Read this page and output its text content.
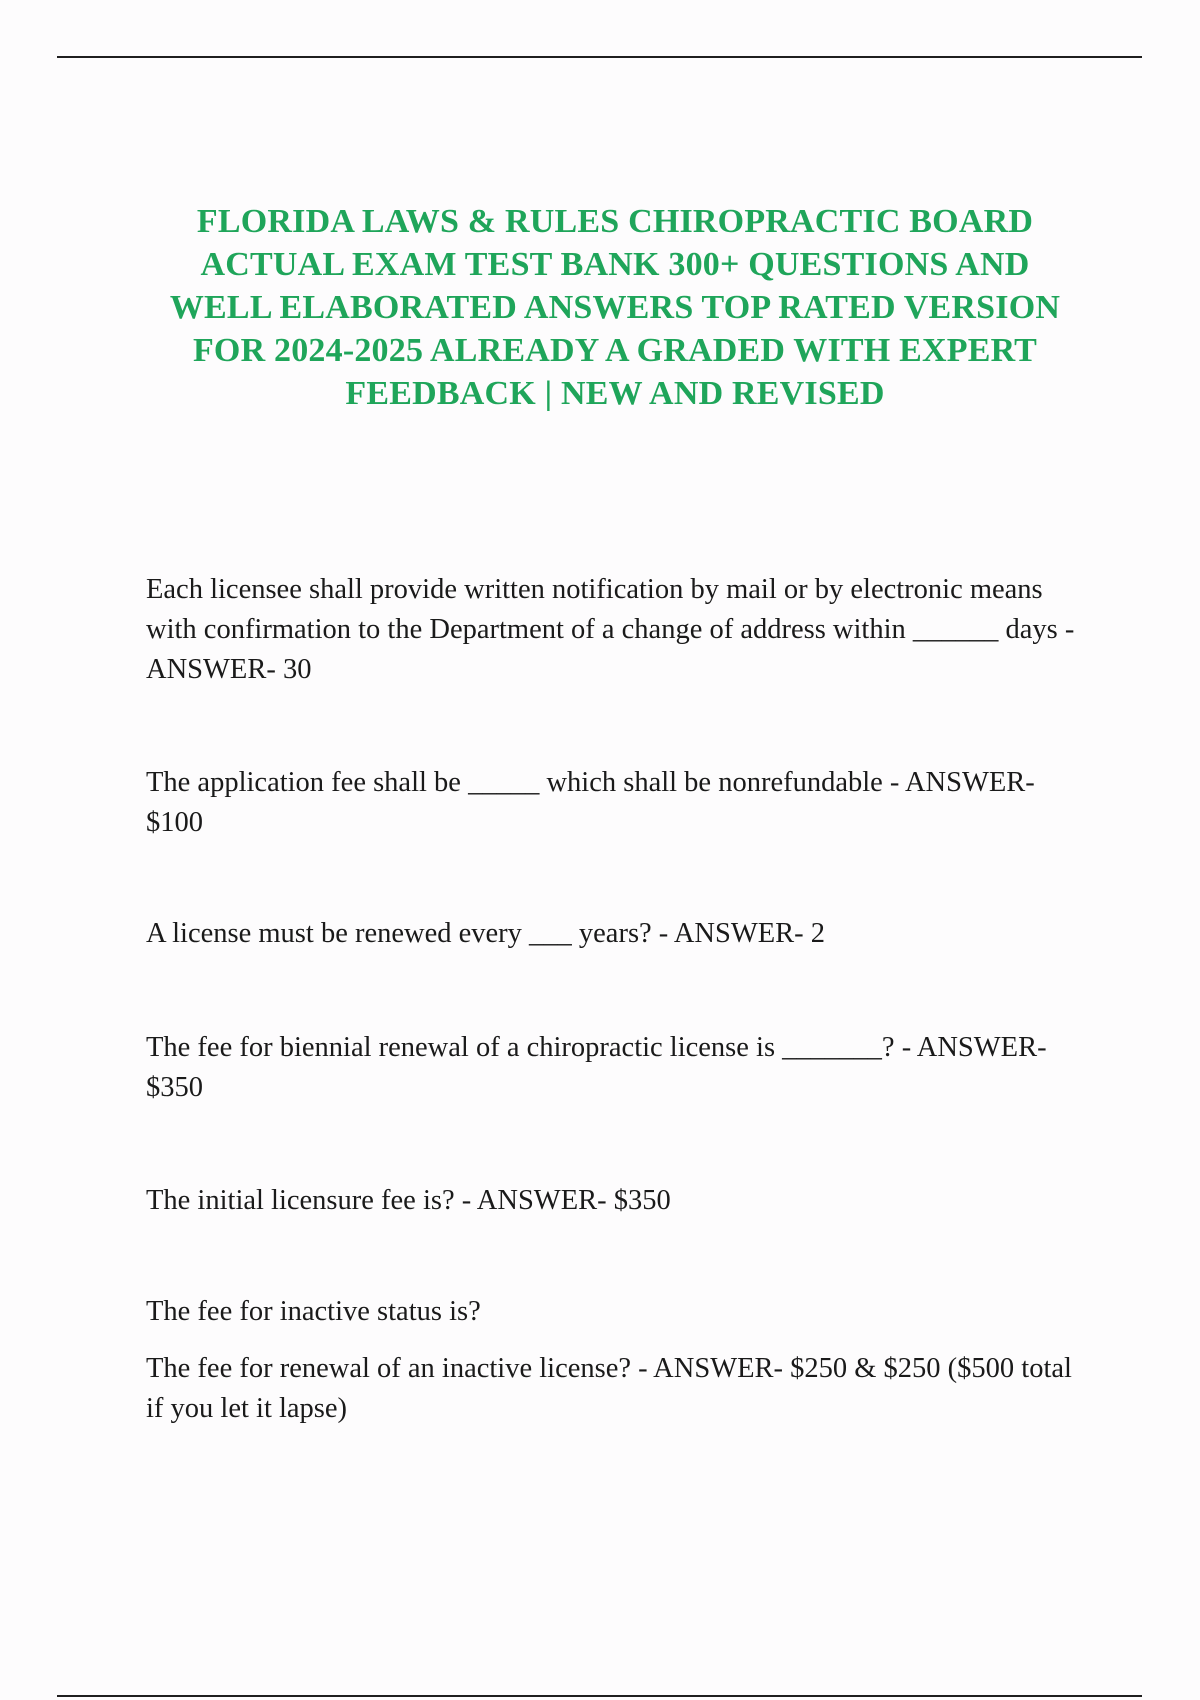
FLORIDA LAWS & RULES CHIROPRACTIC BOARD ACTUAL EXAM TEST BANK 300+ QUESTIONS AND WELL ELABORATED ANSWERS TOP RATED VERSION FOR 2024-2025 ALREADY A GRADED WITH EXPERT FEEDBACK | NEW AND REVISED

Each licensee shall provide written notification by mail or by electronic means with confirmation to the Department of a change of address within ______ days - ANSWER- 30

The application fee shall be _____ which shall be nonrefundable - ANSWER- $100

A license must be renewed every ___ years? - ANSWER- 2

The fee for biennial renewal of a chiropractic license is _______? - ANSWER- $350

The initial licensure fee is? - ANSWER- $350

The fee for inactive status is?

The fee for renewal of an inactive license? - ANSWER- $250 & $250 ($500 total if you let it lapse)
